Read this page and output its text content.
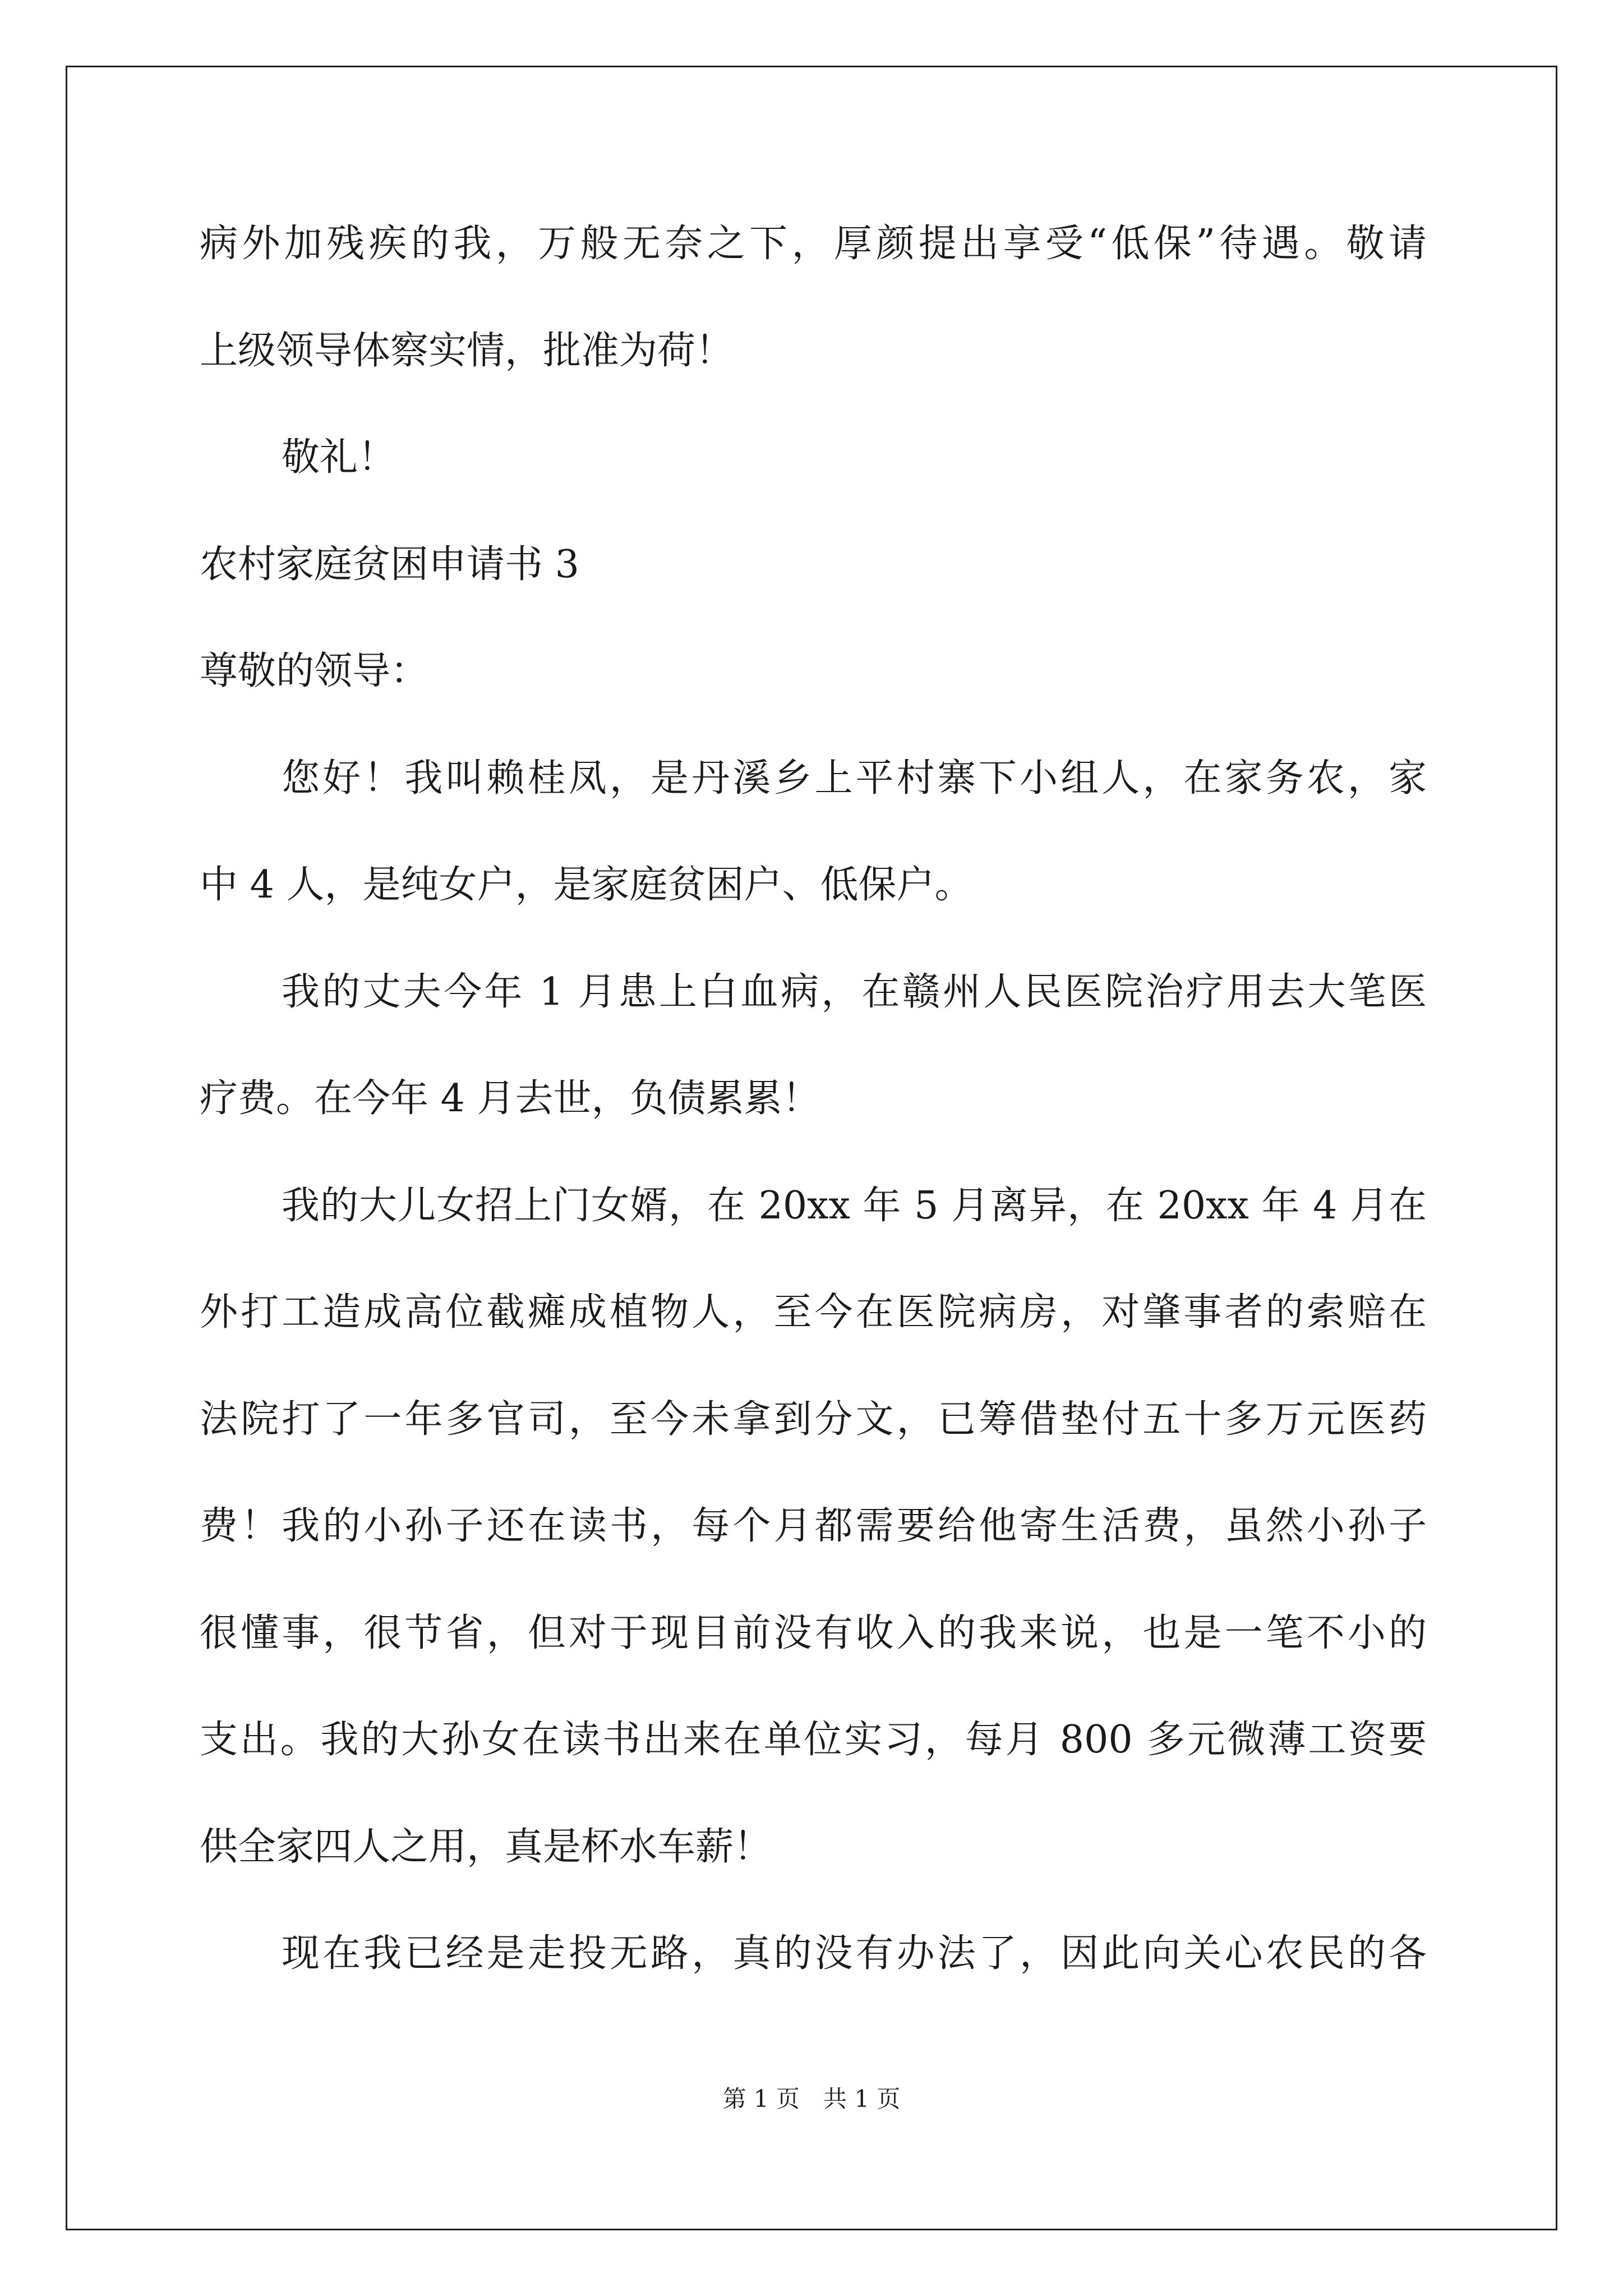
病外加残疾的我，万般无奈之下，厚颜提出享受“低保”待遇。敬请
上级领导体察实情，批准为荷！
敬礼！
农村家庭贫困申请书 3
尊敬的领导：
您好！我叫赖桂凤，是丹溪乡上平村寨下小组人，在家务农，家
中 4 人，是纯女户，是家庭贫困户、低保户。
我的丈夫今年 1 月患上白血病，在赣州人民医院治疗用去大笔医
疗费。在今年 4 月去世，负债累累！
我的大儿女招上门女婿，在 20xx 年 5 月离异，在 20xx 年 4 月在
外打工造成高位截瘫成植物人，至今在医院病房，对肇事者的索赔在
法院打了一年多官司，至今未拿到分文，已筹借垫付五十多万元医药
费！我的小孙子还在读书，每个月都需要给他寄生活费，虽然小孙子
很懂事，很节省，但对于现目前没有收入的我来说，也是一笔不小的
支出。我的大孙女在读书出来在单位实习，每月 800 多元微薄工资要
供全家四人之用，真是杯水车薪！
现在我已经是走投无路，真的没有办法了，因此向关心农民的各
第 1 页　共 1 页
